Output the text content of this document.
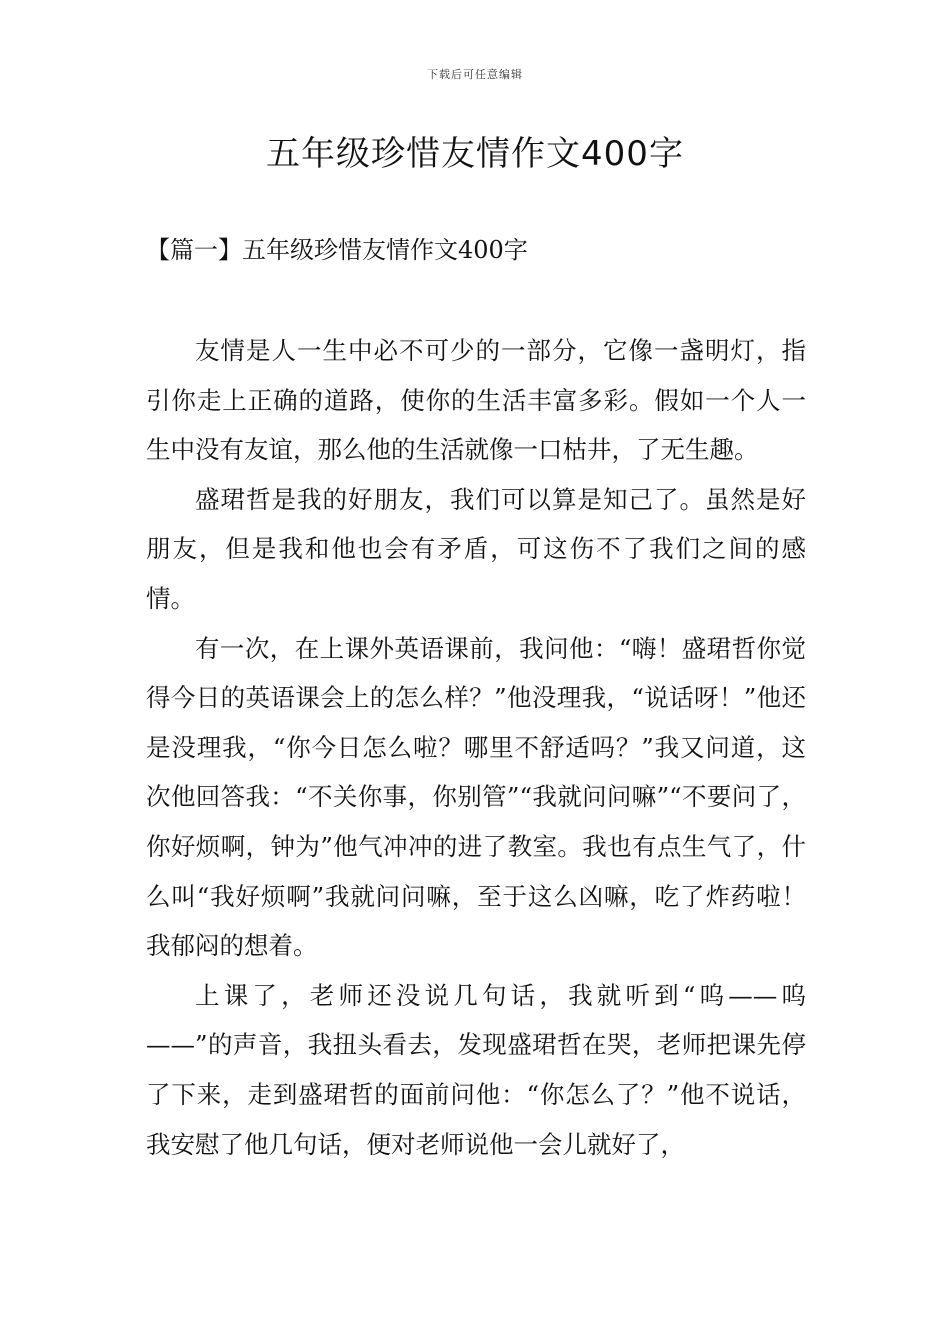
下载后可任意编辑
五年级珍惜友情作文400字
【篇一】五年级珍惜友情作文400字

友情是人一生中必不可少的一部分，它像一盏明灯，指引你走上正确的道路，使你的生活丰富多彩。假如一个人一生中没有友谊，那么他的生活就像一口枯井，了无生趣。

盛珺哲是我的好朋友，我们可以算是知己了。虽然是好朋友，但是我和他也会有矛盾，可这伤不了我们之间的感情。

有一次，在上课外英语课前，我问他：“嗨！盛珺哲你觉得今日的英语课会上的怎么样？”他没理我，“说话呀！”他还是没理我，“你今日怎么啦？哪里不舒适吗？”我又问道，这次他回答我：“不关你事，你别管”“我就问问嘛”“不要问了，你好烦啊，钟为”他气冲冲的进了教室。我也有点生气了，什么叫“我好烦啊”我就问问嘛，至于这么凶嘛，吃了炸药啦！我郁闷的想着。

上课了，老师还没说几句话，我就听到“呜——呜——”的声音，我扭头看去，发现盛珺哲在哭，老师把课先停了下来，走到盛珺哲的面前问他：“你怎么了？”他不说话，我安慰了他几句话，便对老师说他一会儿就好了，
